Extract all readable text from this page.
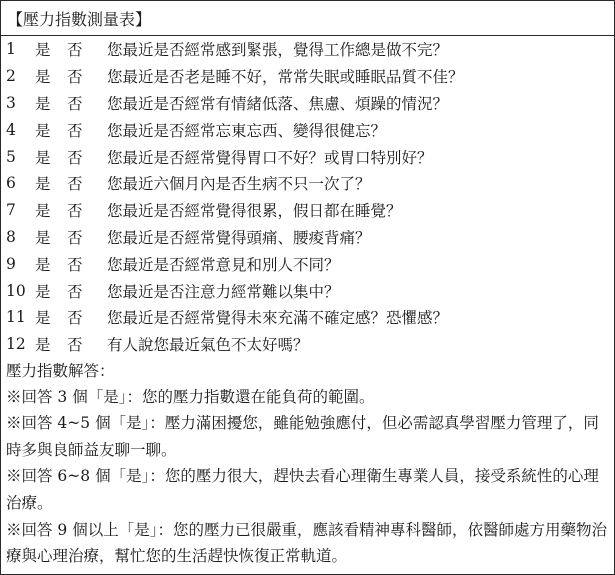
【壓力指數測量表】
1	是	否	您最近是否經常感到緊張，覺得工作總是做不完？
2	是	否	您最近是否老是睡不好，常常失眠或睡眠品質不佳？
3	是	否	您最近是否經常有情緒低落、焦慮、煩躁的情況？
4	是	否	您最近是否經常忘東忘西、變得很健忘？
5	是	否	您最近是否經常覺得胃口不好？或胃口特別好？
6	是	否	您最近六個月內是否生病不只一次了？
7	是	否	您最近是否經常覺得很累，假日都在睡覺？
8	是	否	您最近是否經常覺得頭痛、腰痠背痛？
9	是	否	您最近是否經常意見和別人不同？
10 是	否	您最近是否注意力經常難以集中？
11 是	否	您最近是否經常覺得未來充滿不確定感？恐懼感？
12 是	否	有人說您最近氣色不太好嗎？
壓力指數解答：

※回答 3 個「是」：您的壓力指數還在能負荷的範圍。

※回答 4~5 個「是」：壓力滿困擾您，雖能勉強應付，但必需認真學習壓力管理了，同時多與良師益友聊一聊。

※回答 6~8 個「是」：您的壓力很大，趕快去看心理衛生專業人員，接受系統性的心理治療。

※回答 9 個以上「是」：您的壓力已很嚴重，應該看精神專科醫師，依醫師處方用藥物治療與心理治療，幫忙您的生活趕快恢復正常軌道。
